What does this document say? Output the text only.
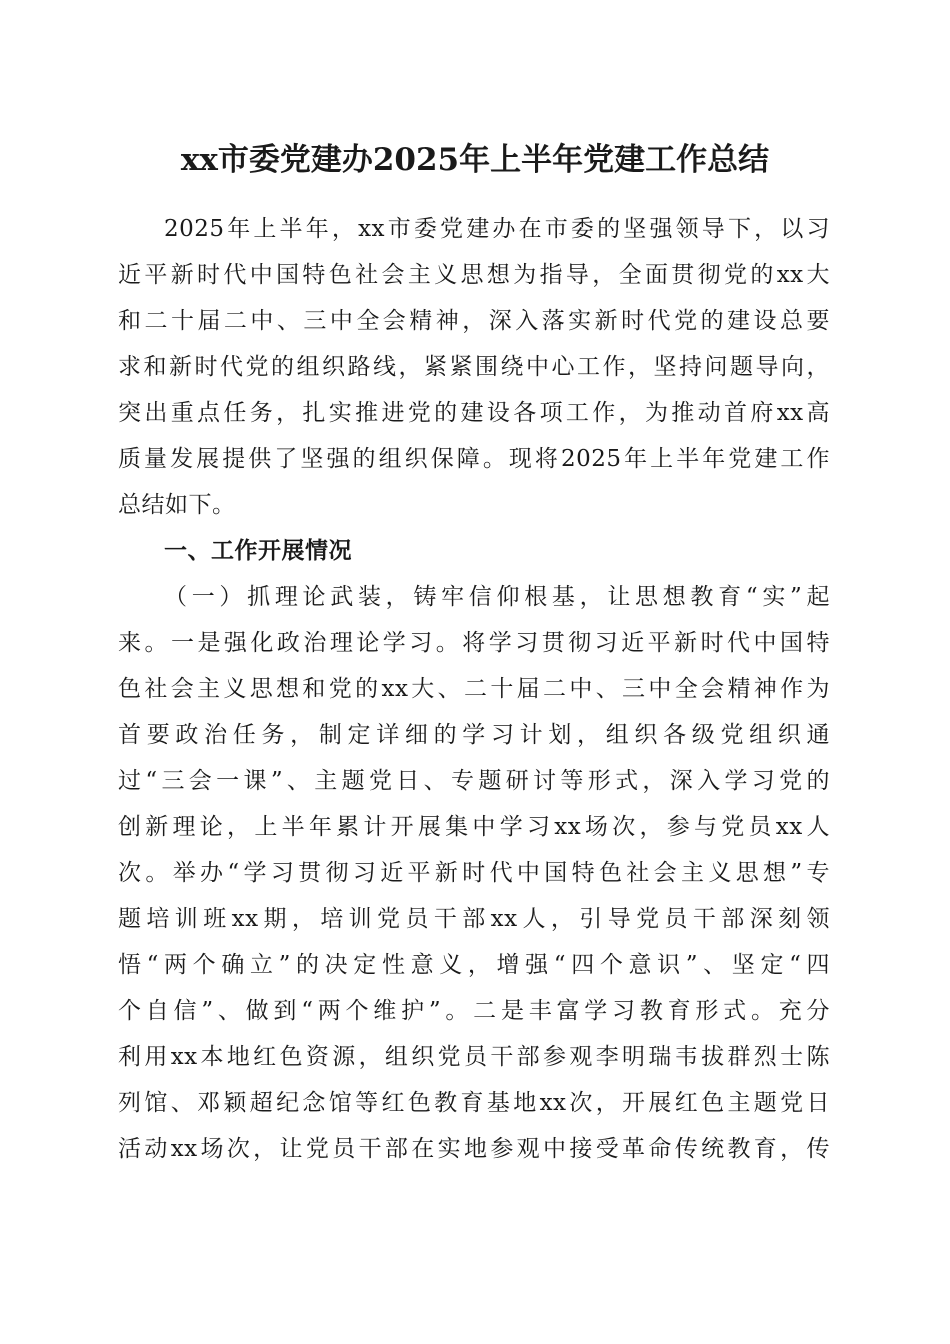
xx市委党建办2025年上半年党建工作总结
2025年上半年，xx市委党建办在市委的坚强领导下，以习
近平新时代中国特色社会主义思想为指导，全面贯彻党的xx大
和二十届二中、三中全会精神，深入落实新时代党的建设总要
求和新时代党的组织路线，紧紧围绕中心工作，坚持问题导向，
突出重点任务，扎实推进党的建设各项工作，为推动首府xx高
质量发展提供了坚强的组织保障。现将2025年上半年党建工作
总结如下。
一、工作开展情况
（一）抓理论武装，铸牢信仰根基，让思想教育“实”起
来。一是强化政治理论学习。将学习贯彻习近平新时代中国特
色社会主义思想和党的xx大、二十届二中、三中全会精神作为
首要政治任务，制定详细的学习计划，组织各级党组织通
过“三会一课”、主题党日、专题研讨等形式，深入学习党的
创新理论，上半年累计开展集中学习xx场次，参与党员xx人
次。举办“学习贯彻习近平新时代中国特色社会主义思想”专
题培训班xx期，培训党员干部xx人，引导党员干部深刻领
悟“两个确立”的决定性意义，增强“四个意识”、坚定“四
个自信”、做到“两个维护”。二是丰富学习教育形式。充分
利用xx本地红色资源，组织党员干部参观李明瑞韦拔群烈士陈
列馆、邓颖超纪念馆等红色教育基地xx次，开展红色主题党日
活动xx场次，让党员干部在实地参观中接受革命传统教育，传
